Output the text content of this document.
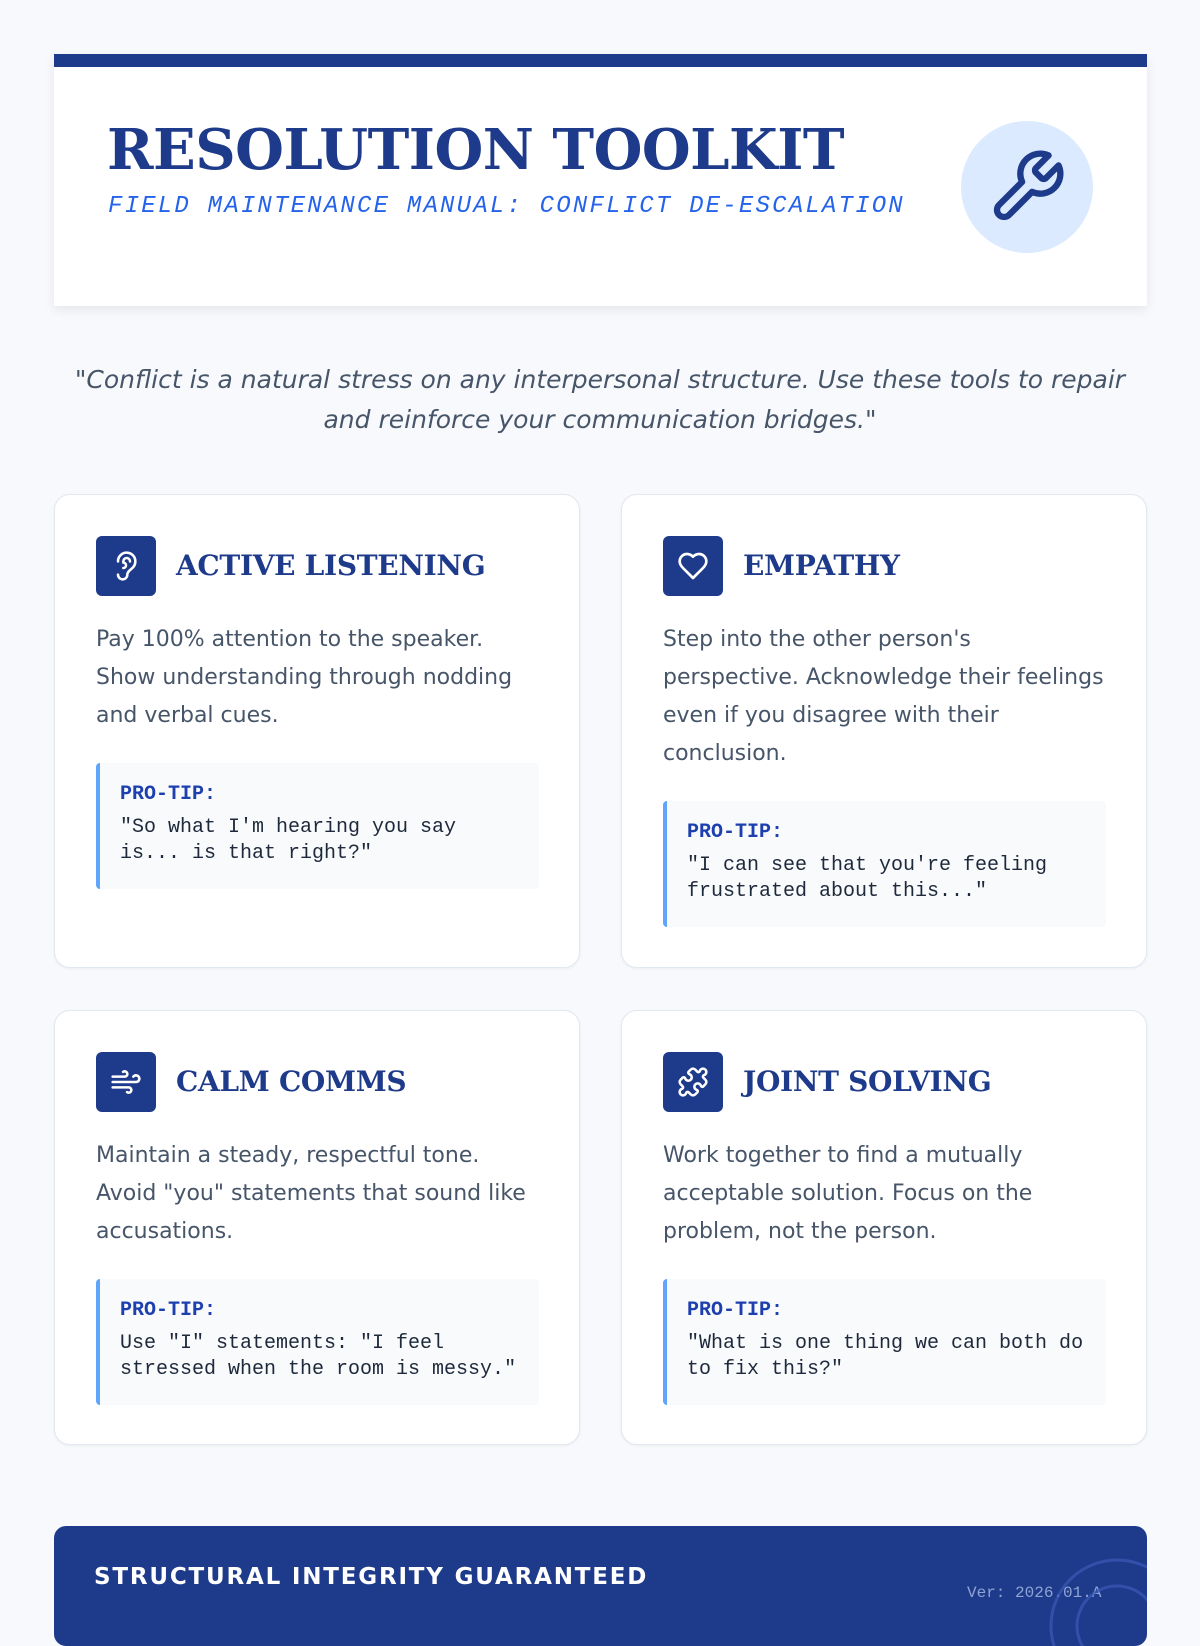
RESOLUTION TOOLKIT
FIELD MAINTENANCE MANUAL: CONFLICT DE-ESCALATION

"Conflict is a natural stress on any interpersonal structure. Use these tools to repair and reinforce your communication bridges."

ACTIVE LISTENING

Pay 100% attention to the speaker. Show understanding through nodding and verbal cues.

PRO-TIP:
"So what I'm hearing you say is... is that right?"
EMPATHY

Step into the other person's perspective. Acknowledge their feelings even if you disagree with their conclusion.

PRO-TIP:
"I can see that you're feeling frustrated about this..."
CALM COMMS

Maintain a steady, respectful tone. Avoid "you" statements that sound like accusations.

PRO-TIP:
Use "I" statements: "I feel stressed when the room is messy."
JOINT SOLVING

Work together to find a mutually acceptable solution. Focus on the problem, not the person.

PRO-TIP:
"What is one thing we can both do to fix this?"
STRUCTURAL INTEGRITY GUARANTEED
Ver: 2026.01.A
